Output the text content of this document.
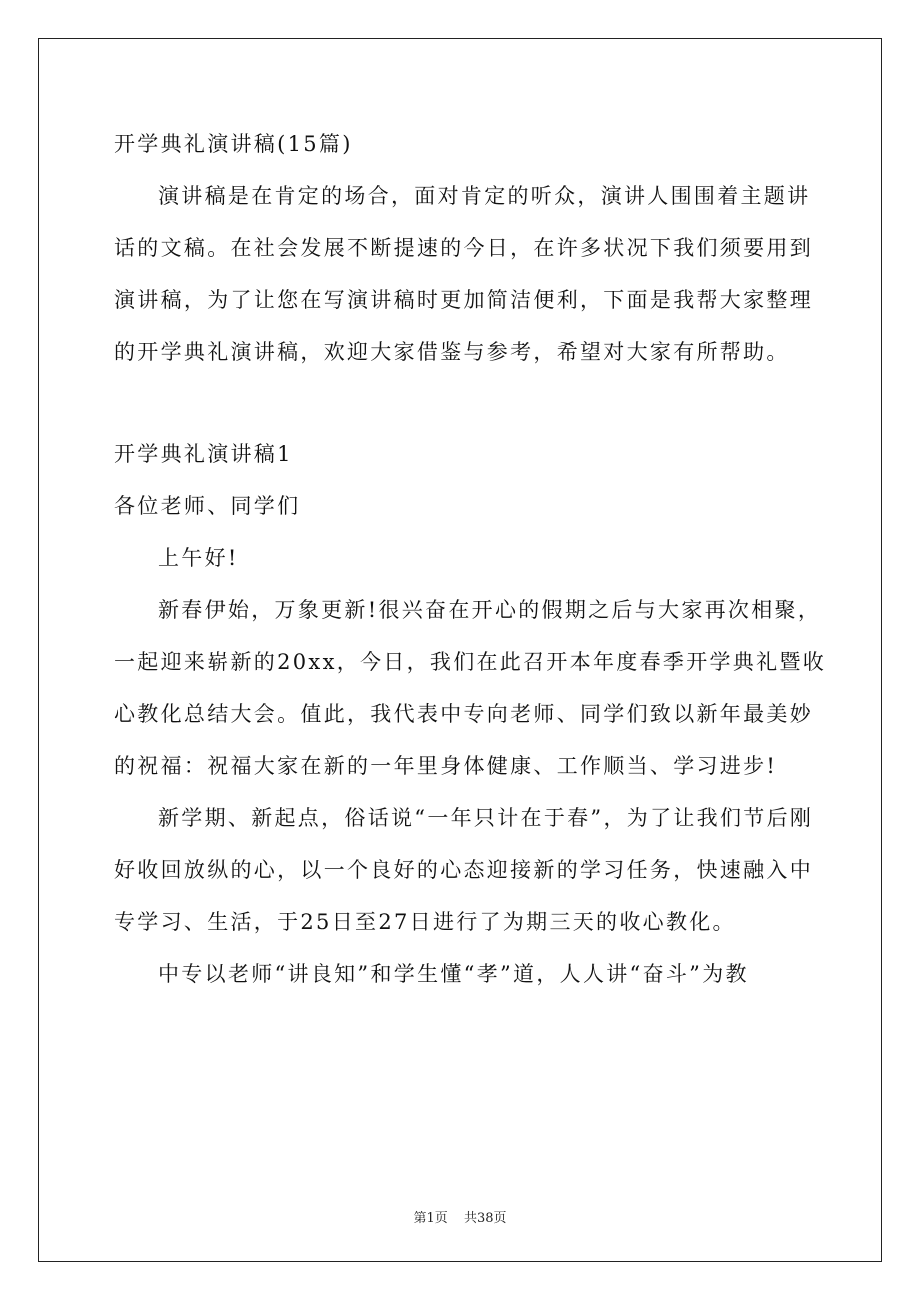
开学典礼演讲稿(15篇)
演讲稿是在肯定的场合，面对肯定的听众，演讲人围围着主题讲
话的文稿。在社会发展不断提速的今日，在许多状况下我们须要用到
演讲稿，为了让您在写演讲稿时更加简洁便利，下面是我帮大家整理
的开学典礼演讲稿，欢迎大家借鉴与参考，希望对大家有所帮助。
开学典礼演讲稿1
各位老师、同学们
上午好!
新春伊始，万象更新!很兴奋在开心的假期之后与大家再次相聚，
一起迎来崭新的20xx，今日，我们在此召开本年度春季开学典礼暨收
心教化总结大会。值此，我代表中专向老师、同学们致以新年最美妙
的祝福：祝福大家在新的一年里身体健康、工作顺当、学习进步!
新学期、新起点，俗话说“一年只计在于春”，为了让我们节后刚
好收回放纵的心，以一个良好的心态迎接新的学习任务，快速融入中
专学习、生活，于25日至27日进行了为期三天的收心教化。
中专以老师“讲良知”和学生懂“孝”道，人人讲“奋斗”为教
第1页 共38页
